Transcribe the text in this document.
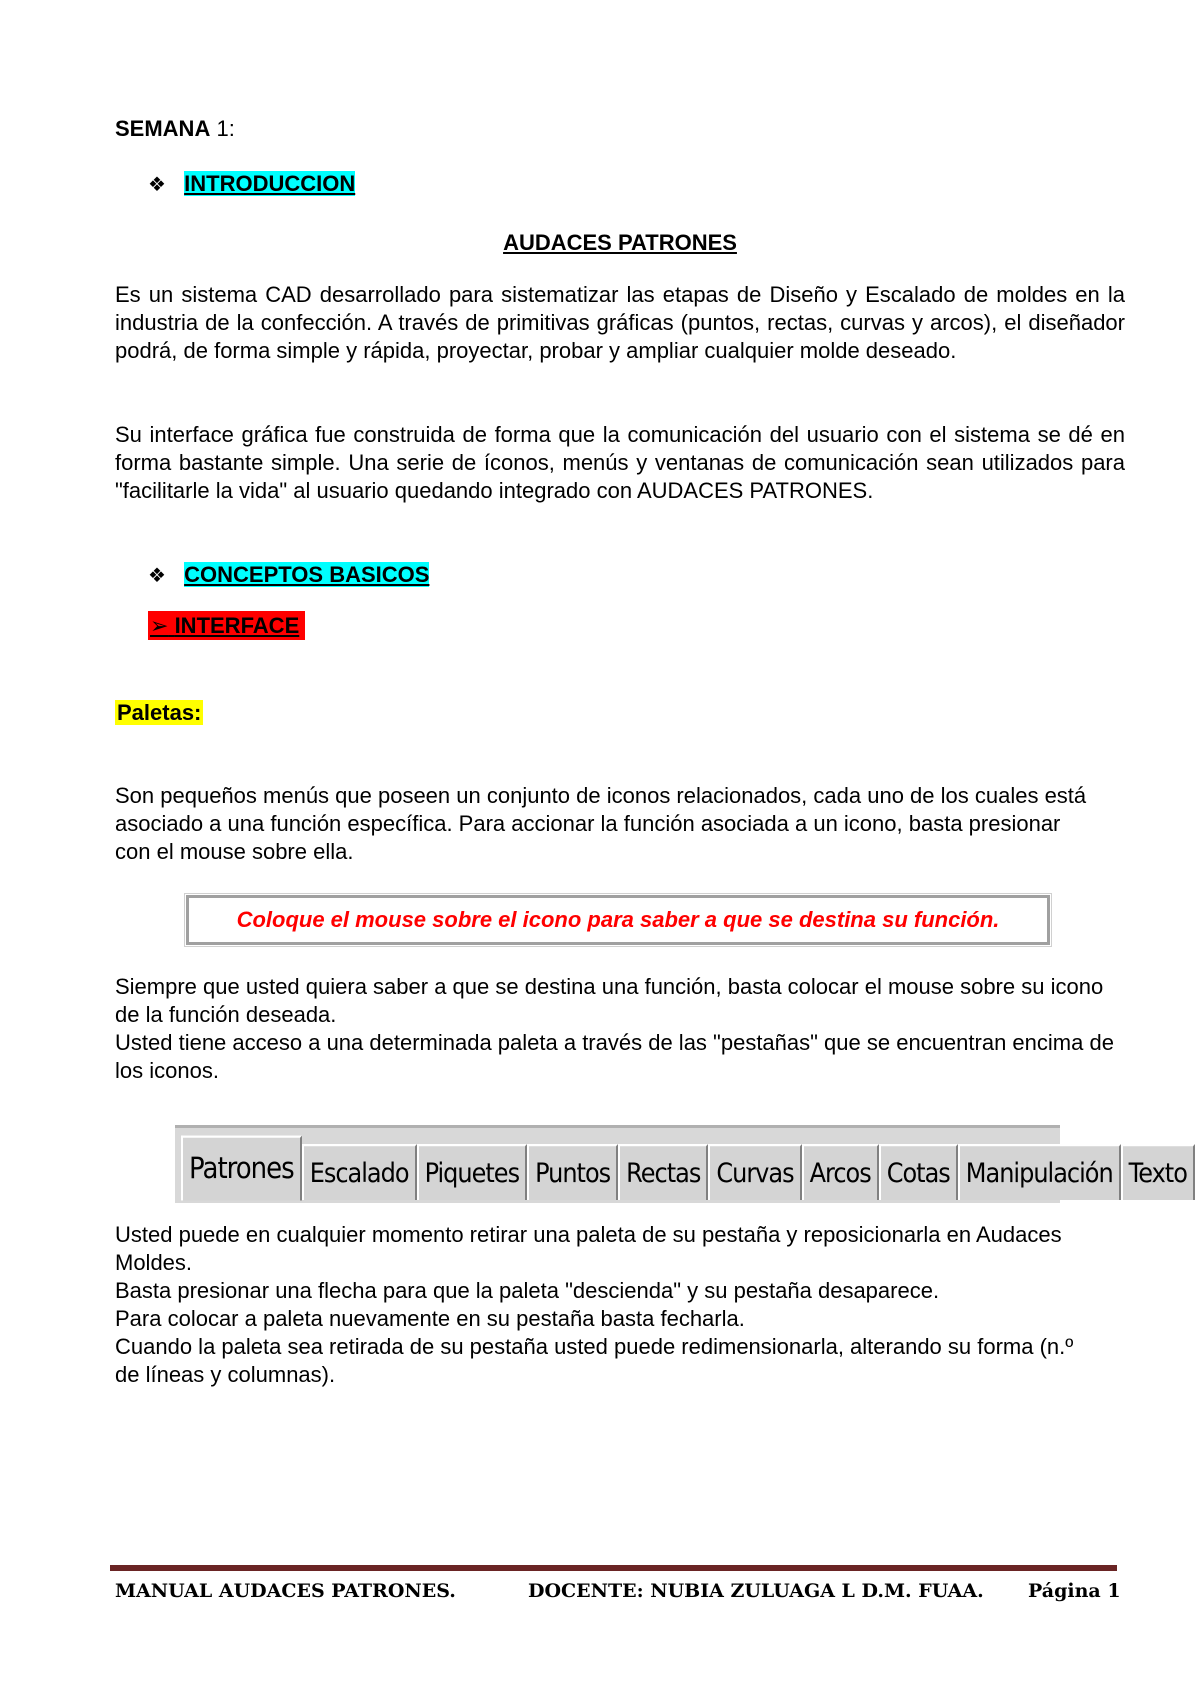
SEMANA 1:
❖ INTRODUCCION
AUDACES PATRONES

Es un sistema CAD desarrollado para sistematizar las etapas de Diseño y Escalado de moldes en la industria de la confección. A través de primitivas gráficas (puntos, rectas, curvas y arcos), el diseñador podrá, de forma simple y rápida, proyectar, probar y ampliar cualquier molde deseado.

Su interface gráfica fue construida de forma que la comunicación del usuario con el sistema se dé en forma bastante simple. Una serie de íconos, menús y ventanas de comunicación sean utilizados para "facilitarle la vida" al usuario quedando integrado con AUDACES PATRONES.

❖ CONCEPTOS BASICOS
➢ INTERFACE
Paletas:
Son pequeños menús que poseen un conjunto de iconos relacionados, cada uno de los cuales está asociado a una función específica. Para accionar la función asociada a un icono, basta presionar con el mouse sobre ella.
Coloque el mouse sobre el icono para saber a que se destina su función.
Siempre que usted quiera saber a que se destina una función, basta colocar el mouse sobre su icono de la función deseada.
Usted tiene acceso a una determinada paleta a través de las "pestañas" que se encuentran encima de los iconos.
Patrones Escalado Piquetes Puntos Rectas Curvas Arcos Cotas Manipulación Texto
Usted puede en cualquier momento retirar una paleta de su pestaña y reposicionarla en Audaces Moldes.
Basta presionar una flecha para que la paleta "descienda" y su pestaña desaparece.
Para colocar a paleta nuevamente en su pestaña basta fecharla.
Cuando la paleta sea retirada de su pestaña usted puede redimensionarla, alterando su forma (n.º de líneas y columnas).
MANUAL AUDACES PATRONES.	DOCENTE: NUBIA ZULUAGA L D.M. FUAA. Página 1
